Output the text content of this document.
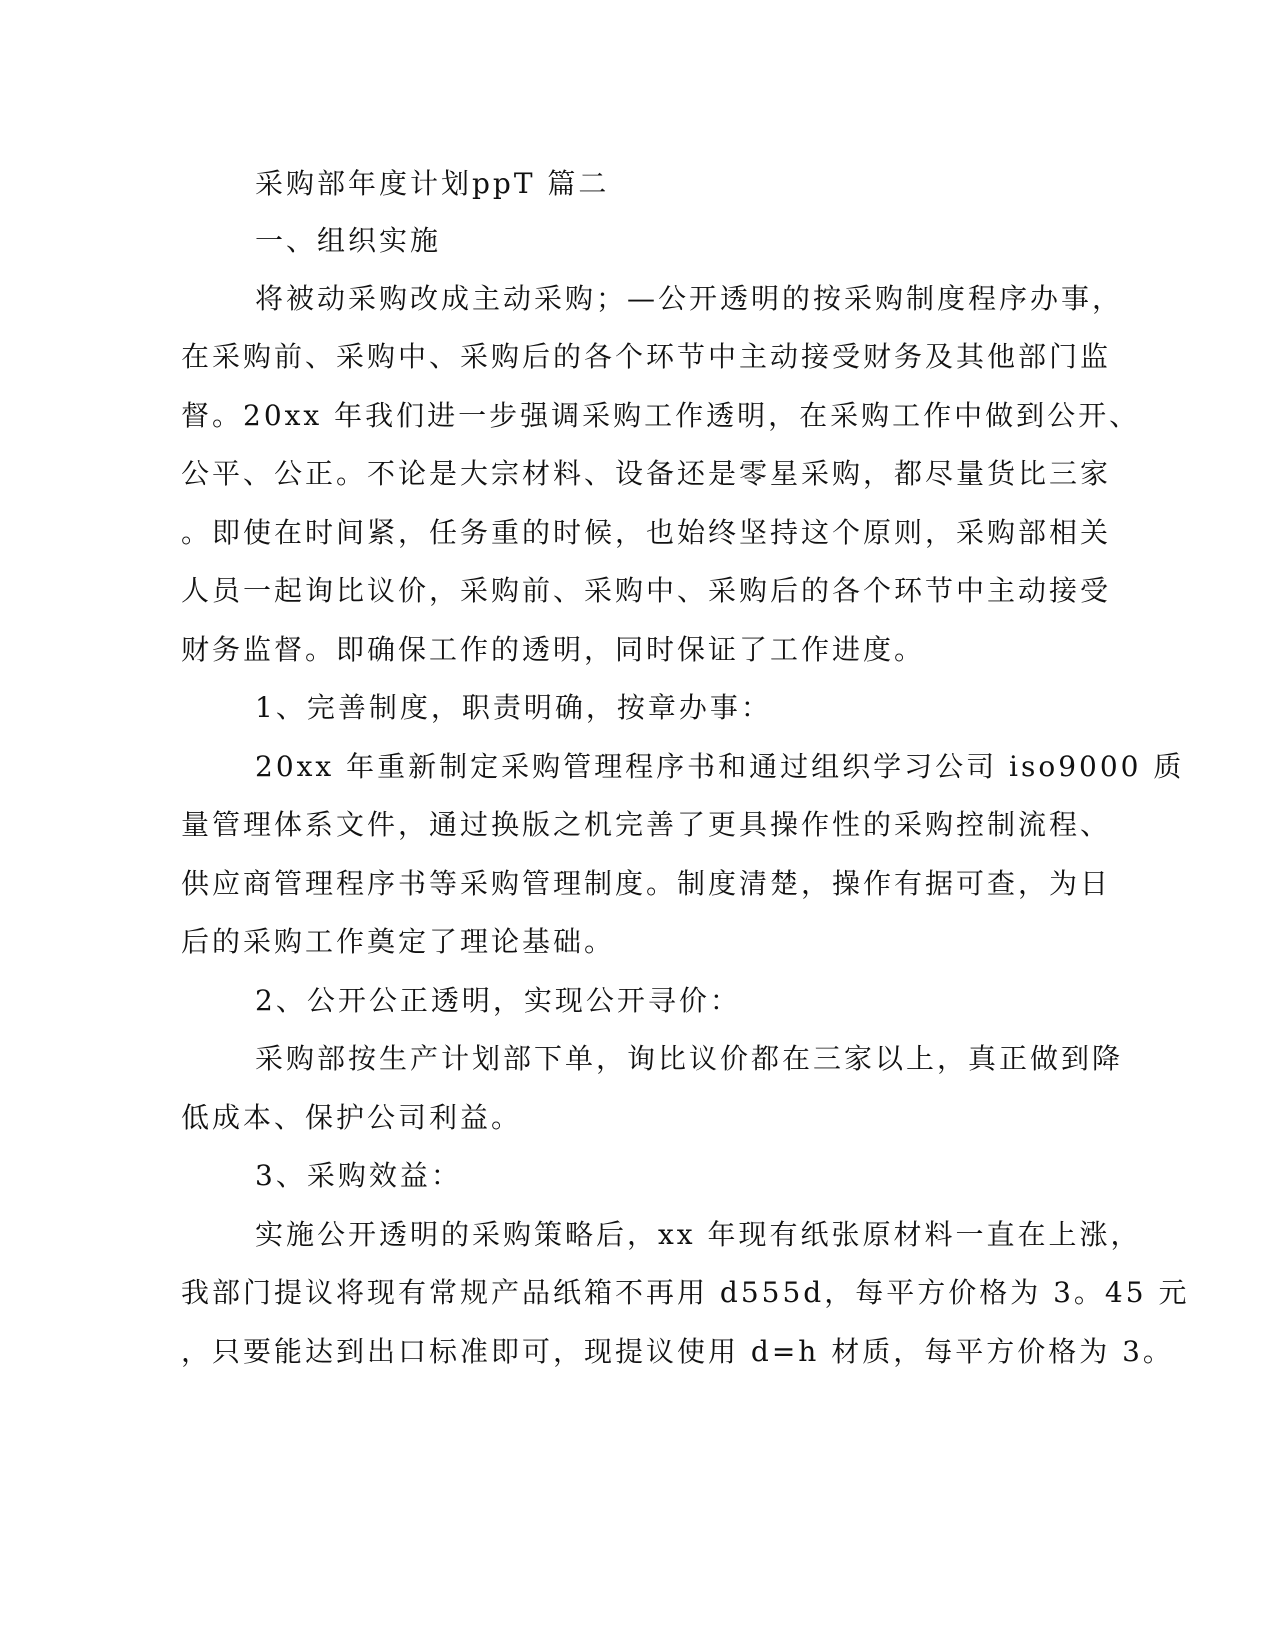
采购部年度计划ppT 篇二
一、组织实施
将被动采购改成主动采购；—公开透明的按采购制度程序办事，
在采购前、采购中、采购后的各个环节中主动接受财务及其他部门监
督。20xx 年我们进一步强调采购工作透明，在采购工作中做到公开、
公平、公正。不论是大宗材料、设备还是零星采购，都尽量货比三家
。即使在时间紧，任务重的时候，也始终坚持这个原则，采购部相关
人员一起询比议价，采购前、采购中、采购后的各个环节中主动接受
财务监督。即确保工作的透明，同时保证了工作进度。
1、完善制度，职责明确，按章办事：
20xx 年重新制定采购管理程序书和通过组织学习公司 iso9000 质
量管理体系文件，通过换版之机完善了更具操作性的采购控制流程、
供应商管理程序书等采购管理制度。制度清楚，操作有据可查，为日
后的采购工作奠定了理论基础。
2、公开公正透明，实现公开寻价：
采购部按生产计划部下单，询比议价都在三家以上，真正做到降
低成本、保护公司利益。
3、采购效益：
实施公开透明的采购策略后，xx 年现有纸张原材料一直在上涨，
我部门提议将现有常规产品纸箱不再用 d555d，每平方价格为 3。45 元
，只要能达到出口标准即可，现提议使用 d=h 材质，每平方价格为 3。
